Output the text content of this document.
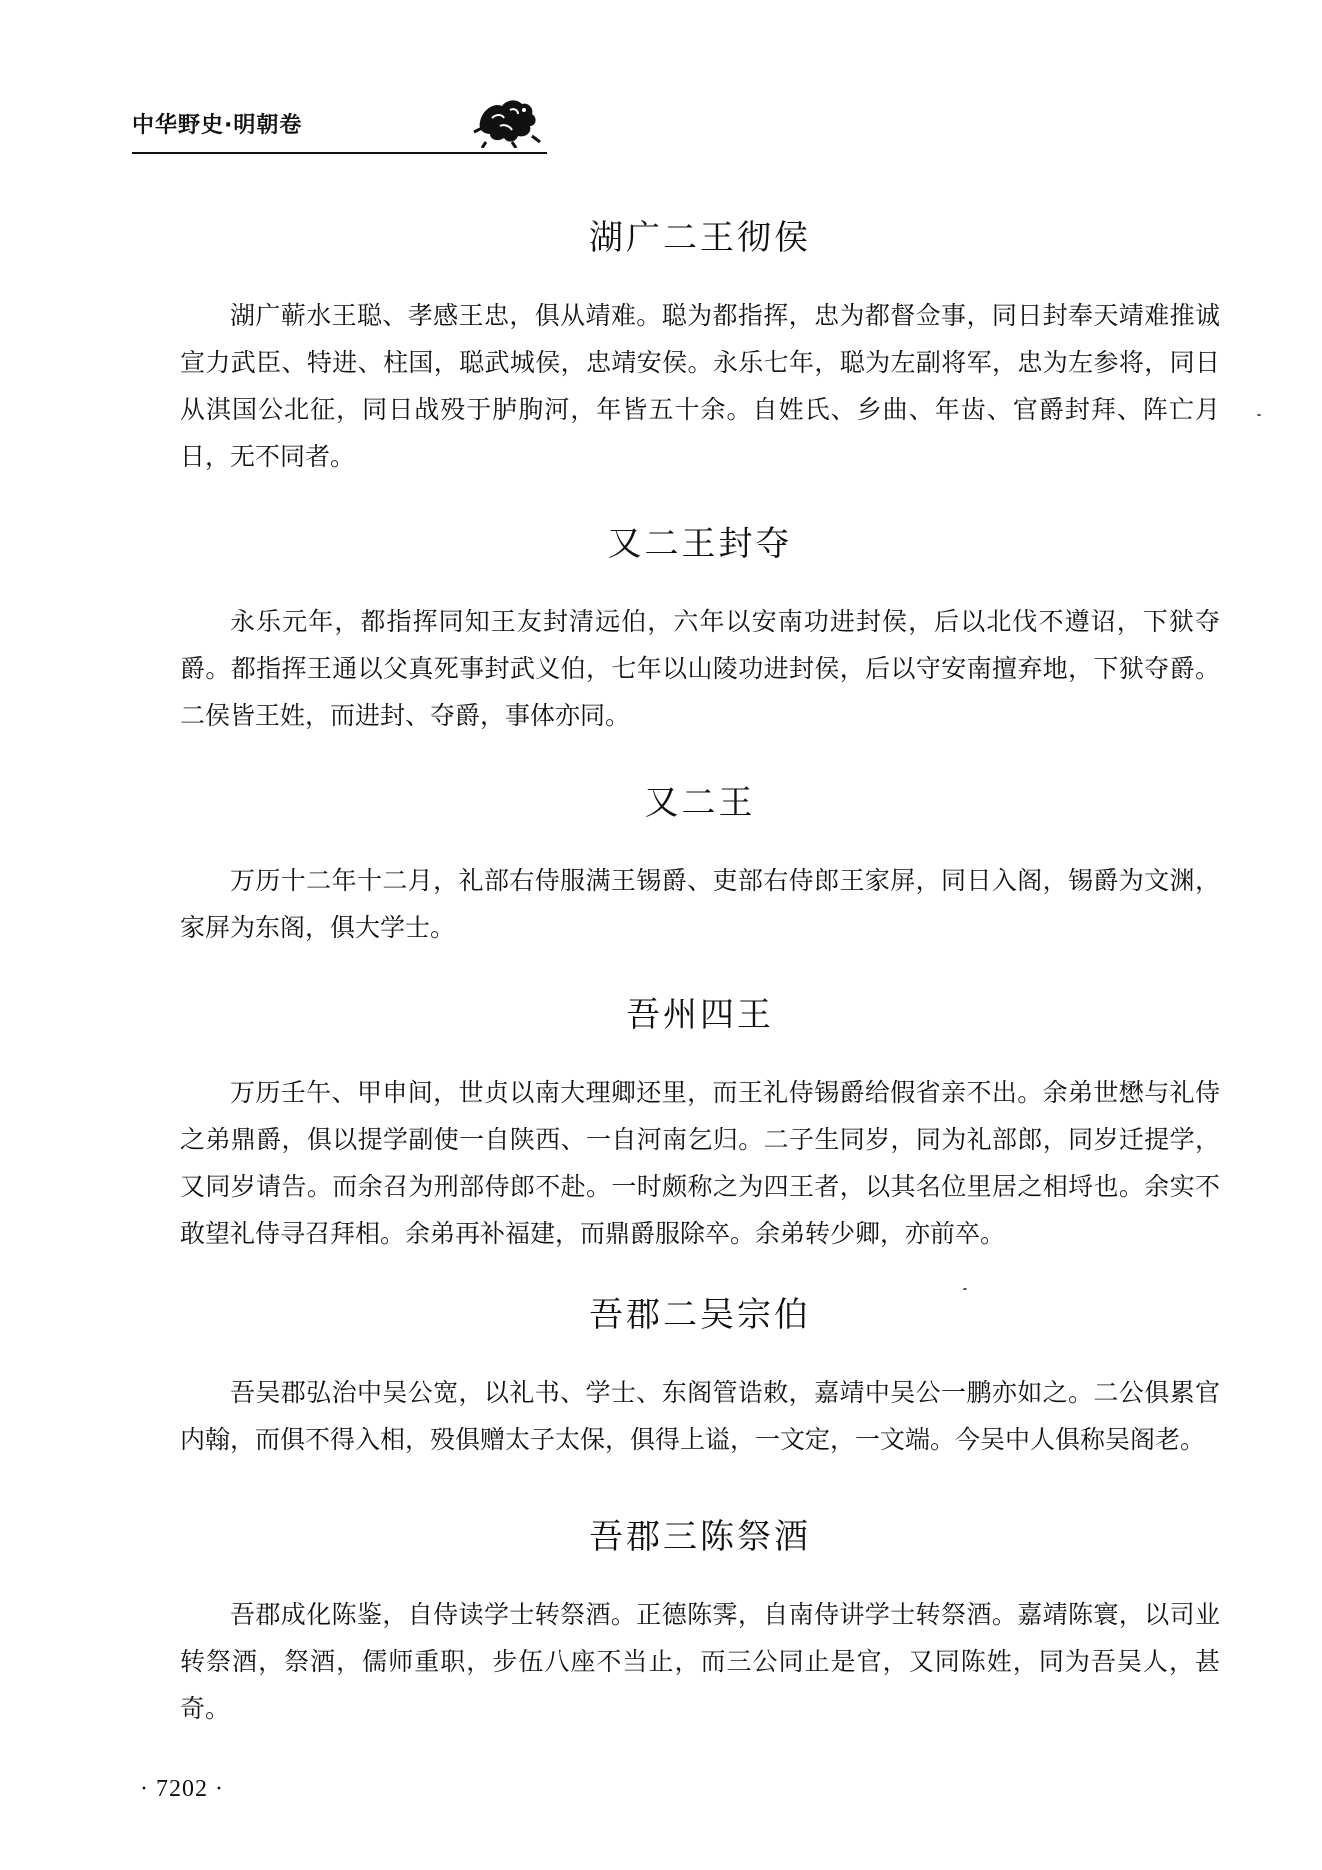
中华野史·明朝卷
湖广二王彻侯

湖广蕲水王聪、孝感王忠，俱从靖难。聪为都指挥，忠为都督佥事，同日封奉天靖难推诚宣力武臣、特进、柱国，聪武城侯，忠靖安侯。永乐七年，聪为左副将军，忠为左参将，同日从淇国公北征，同日战殁于胪朐河，年皆五十余。自姓氏、乡曲、年齿、官爵封拜、阵亡月日，无不同者。

又二王封夺

永乐元年，都指挥同知王友封清远伯，六年以安南功进封侯，后以北伐不遵诏，下狱夺爵。都指挥王通以父真死事封武义伯，七年以山陵功进封侯，后以守安南擅弃地，下狱夺爵。二侯皆王姓，而进封、夺爵，事体亦同。

又二王

万历十二年十二月，礼部右侍服满王锡爵、吏部右侍郎王家屏，同日入阁，锡爵为文渊，家屏为东阁，俱大学士。

吾州四王

万历壬午、甲申间，世贞以南大理卿还里，而王礼侍锡爵给假省亲不出。余弟世懋与礼侍之弟鼎爵，俱以提学副使一自陕西、一自河南乞归。二子生同岁，同为礼部郎，同岁迁提学，又同岁请告。而余召为刑部侍郎不赴。一时颇称之为四王者，以其名位里居之相埒也。余实不敢望礼侍寻召拜相。余弟再补福建，而鼎爵服除卒。余弟转少卿，亦前卒。

吾郡二吴宗伯

吾吴郡弘治中吴公宽，以礼书、学士、东阁管诰敕，嘉靖中吴公一鹏亦如之。二公俱累官内翰，而俱不得入相，殁俱赠太子太保，俱得上谥，一文定，一文端。今吴中人俱称吴阁老。

吾郡三陈祭酒

吾郡成化陈鉴，自侍读学士转祭酒。正德陈霁，自南侍讲学士转祭酒。嘉靖陈寰，以司业转祭酒，祭酒，儒师重职，步伍八座不当止，而三公同止是官，又同陈姓，同为吾吴人，甚奇。

· 7202 ·
